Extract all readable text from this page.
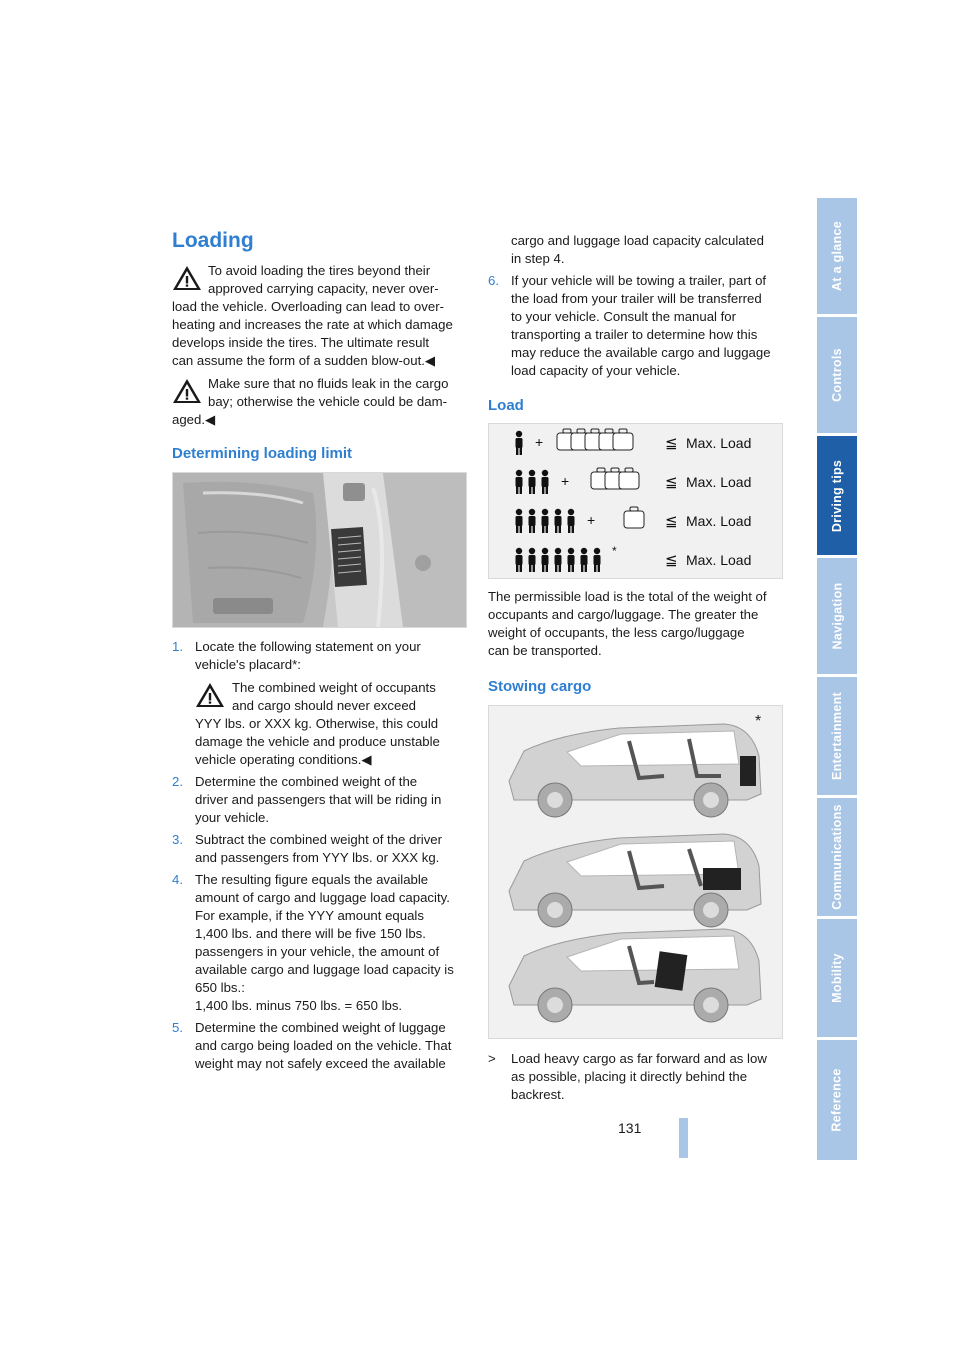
At a glance
Controls
Driving tips
Navigation
Entertainment
Communications
Mobility
Reference
Loading
To avoid loading the tires beyond their
approved carrying capacity, never over-
load the vehicle. Overloading can lead to over-
heating and increases the rate at which damage
develops inside the tires. The ultimate result
can assume the form of a sudden blow-out.◀
Make sure that no fluids leak in the cargo
bay; otherwise the vehicle could be dam-
aged.◀
Determining loading limit
1. Locate the following statement on your
vehicle's placard*:
The combined weight of occupants
and cargo should never exceed
YYY lbs. or XXX kg. Otherwise, this could
damage the vehicle and produce unstable
vehicle operating conditions.◀
2. Determine the combined weight of the
driver and passengers that will be riding in
your vehicle.
3. Subtract the combined weight of the driver
and passengers from YYY lbs. or XXX kg.
4. The resulting figure equals the available
amount of cargo and luggage load capacity.
For example, if the YYY amount equals
1,400 lbs. and there will be five 150 lbs.
passengers in your vehicle, the amount of
available cargo and luggage load capacity is
650 lbs.:
1,400 lbs. minus 750 lbs. = 650 lbs.
5. Determine the combined weight of luggage
and cargo being loaded on the vehicle. That
weight may not safely exceed the available
cargo and luggage load capacity calculated
in step 4.
6. If your vehicle will be towing a trailer, part of
the load from your trailer will be transferred
to your vehicle. Consult the manual for
transporting a trailer to determine how this
may reduce the available cargo and luggage
load capacity of your vehicle.
Load
+	≦ Max. Load
+	≦ Max. Load
+	≦ Max. Load
*	≦ Max. Load
The permissible load is the total of the weight of
occupants and cargo/luggage. The greater the
weight of occupants, the less cargo/luggage
can be transported.
Stowing cargo
*
> Load heavy cargo as far forward and as low
as possible, placing it directly behind the
backrest.
131
